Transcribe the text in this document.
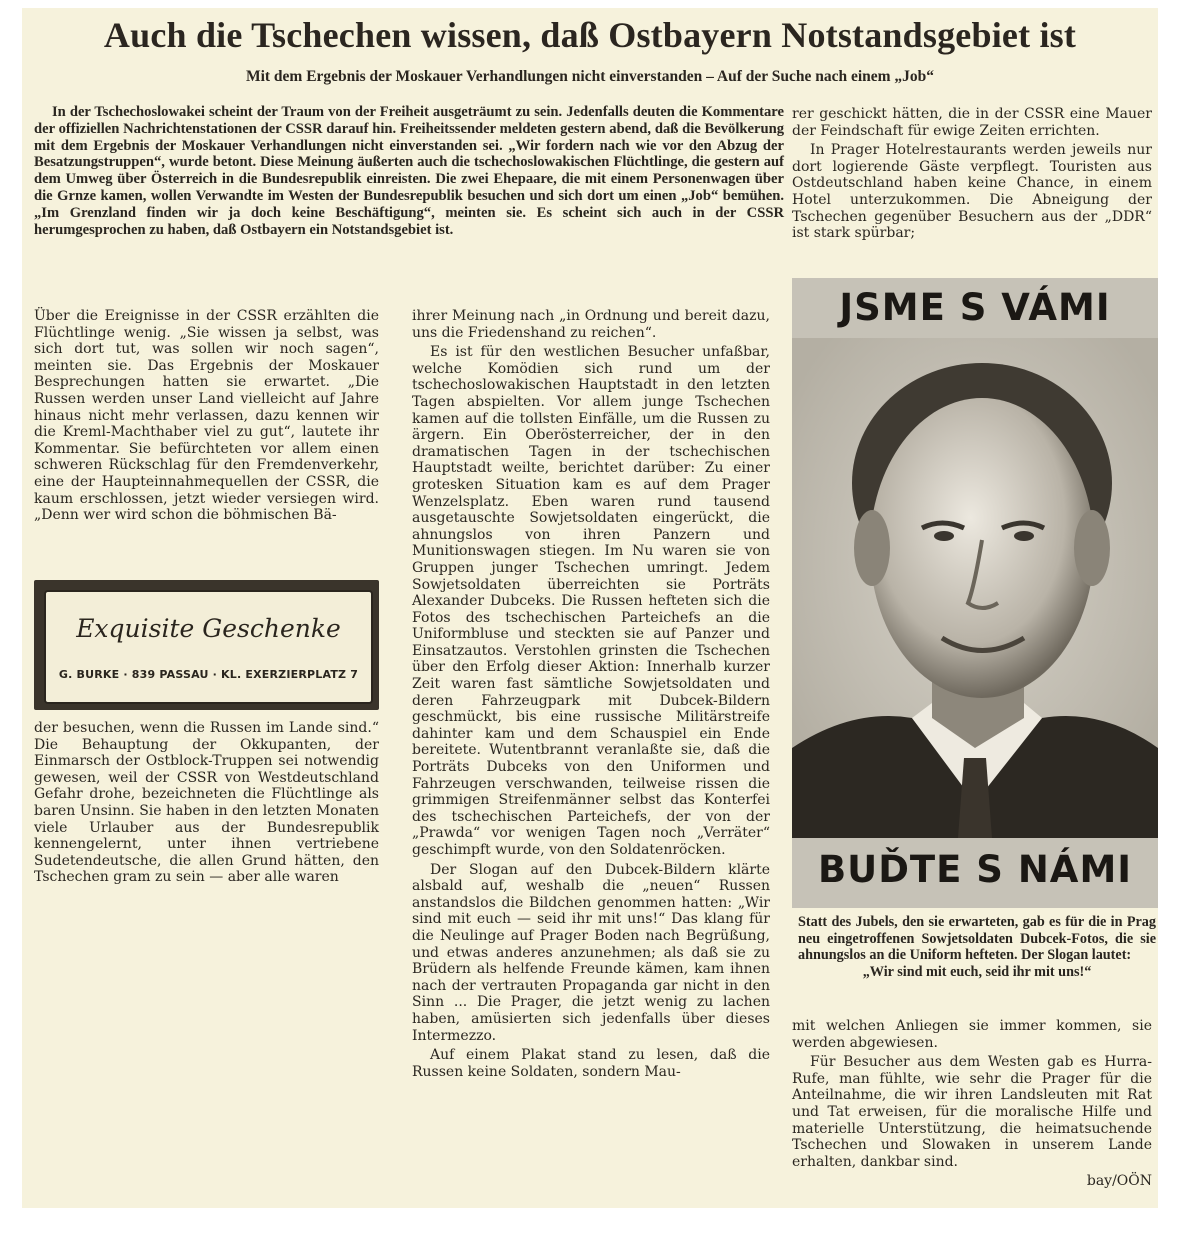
Auch die Tschechen wissen, daß Ostbayern Notstandsgebiet ist
Mit dem Ergebnis der Moskauer Verhandlungen nicht einverstanden – Auf der Suche nach einem „Job“

In der Tschechoslowakei scheint der Traum von der Freiheit ausgeträumt zu sein. Jedenfalls deuten die Kommentare der offiziellen Nachrichtenstationen der CSSR darauf hin. Freiheitssender meldeten gestern abend, daß die Bevölkerung mit dem Ergebnis der Moskauer Verhandlungen nicht einverstanden sei. „Wir fordern nach wie vor den Abzug der Besatzungstruppen“, wurde betont. Diese Meinung äußerten auch die tschechoslowakischen Flüchtlinge, die gestern auf dem Umweg über Österreich in die Bundesrepublik einreisten. Die zwei Ehepaare, die mit einem Personenwagen über die Grnze kamen, wollen Verwandte im Westen der Bundesrepublik besuchen und sich dort um einen „Job“ bemühen. „Im Grenzland finden wir ja doch keine Beschäftigung“, meinten sie. Es scheint sich auch in der CSSR herumgesprochen zu haben, daß Ostbayern ein Notstandsgebiet ist.

Über die Ereignisse in der CSSR erzählten die Flüchtlinge wenig. „Sie wissen ja selbst, was sich dort tut, was sollen wir noch sagen“, meinten sie. Das Ergebnis der Moskauer Besprechungen hatten sie erwartet. „Die Russen werden unser Land vielleicht auf Jahre hinaus nicht mehr verlassen, dazu kennen wir die Kreml-Machthaber viel zu gut“, lautete ihr Kommentar. Sie befürchteten vor allem einen schweren Rückschlag für den Fremdenverkehr, eine der Haupteinnahmequellen der CSSR, die kaum erschlossen, jetzt wieder versiegen wird. „Denn wer wird schon die böhmischen Bä-

Exquisite Geschenke
G. BURKE · 839 PASSAU · KL. EXERZIERPLATZ 7

der besuchen, wenn die Russen im Lande sind.“ Die Behauptung der Okkupanten, der Einmarsch der Ostblock-Truppen sei notwendig gewesen, weil der CSSR von Westdeutschland Gefahr drohe, bezeichneten die Flüchtlinge als baren Unsinn. Sie haben in den letzten Monaten viele Urlauber aus der Bundesrepublik kennengelernt, unter ihnen vertriebene Sudetendeutsche, die allen Grund hätten, den Tschechen gram zu sein — aber alle waren

ihrer Meinung nach „in Ordnung und bereit dazu, uns die Friedenshand zu reichen“.

Es ist für den westlichen Besucher unfaßbar, welche Komödien sich rund um der tschechoslowakischen Hauptstadt in den letzten Tagen abspielten. Vor allem junge Tschechen kamen auf die tollsten Einfälle, um die Russen zu ärgern. Ein Oberösterreicher, der in den dramatischen Tagen in der tschechischen Hauptstadt weilte, berichtet darüber: Zu einer grotesken Situation kam es auf dem Prager Wenzelsplatz. Eben waren rund tausend ausgetauschte Sowjetsoldaten eingerückt, die ahnungslos von ihren Panzern und Munitionswagen stiegen. Im Nu waren sie von Gruppen junger Tschechen umringt. Jedem Sowjetsoldaten überreichten sie Porträts Alexander Dubceks. Die Russen hefteten sich die Fotos des tschechischen Parteichefs an die Uniformbluse und steckten sie auf Panzer und Einsatzautos. Verstohlen grinsten die Tschechen über den Erfolg dieser Aktion: Innerhalb kurzer Zeit waren fast sämtliche Sowjetsoldaten und deren Fahrzeugpark mit Dubcek-Bildern geschmückt, bis eine russische Militärstreife dahinter kam und dem Schauspiel ein Ende bereitete. Wutentbrannt veranlaßte sie, daß die Porträts Dubceks von den Uniformen und Fahrzeugen verschwanden, teilweise rissen die grimmigen Streifenmänner selbst das Konterfei des tschechischen Parteichefs, der von der „Prawda“ vor wenigen Tagen noch „Verräter“ geschimpft wurde, von den Soldatenröcken.

Der Slogan auf den Dubcek-Bildern klärte alsbald auf, weshalb die „neuen“ Russen anstandslos die Bildchen genommen hatten: „Wir sind mit euch — seid ihr mit uns!“ Das klang für die Neulinge auf Prager Boden nach Begrüßung, und etwas anderes anzunehmen; als daß sie zu Brüdern als helfende Freunde kämen, kam ihnen nach der vertrauten Propaganda gar nicht in den Sinn ... Die Prager, die jetzt wenig zu lachen haben, amüsierten sich jedenfalls über dieses Intermezzo.

Auf einem Plakat stand zu lesen, daß die Russen keine Soldaten, sondern Mau-

rer geschickt hätten, die in der CSSR eine Mauer der Feindschaft für ewige Zeiten errichten.

In Prager Hotelrestaurants werden jeweils nur dort logierende Gäste verpflegt. Touristen aus Ostdeutschland haben keine Chance, in einem Hotel unterzukommen. Die Abneigung der Tschechen gegenüber Besuchern aus der „DDR“ ist stark spürbar;

JSME S VÁMI
BUĎTE S NÁMI
Statt des Jubels, den sie erwarteten, gab es für die in Prag neu eingetroffenen Sowjetsoldaten Dubcek-Fotos, die sie ahnungslos an die Uniform hefteten. Der Slogan lautet:
„Wir sind mit euch, seid ihr mit uns!“

mit welchen Anliegen sie immer kommen, sie werden abgewiesen.

Für Besucher aus dem Westen gab es Hurra-Rufe, man fühlte, wie sehr die Prager für die Anteilnahme, die wir ihren Landsleuten mit Rat und Tat erweisen, für die moralische Hilfe und materielle Unterstützung, die heimatsuchende Tschechen und Slowaken in unserem Lande erhalten, dankbar sind.

bay/OÖN
